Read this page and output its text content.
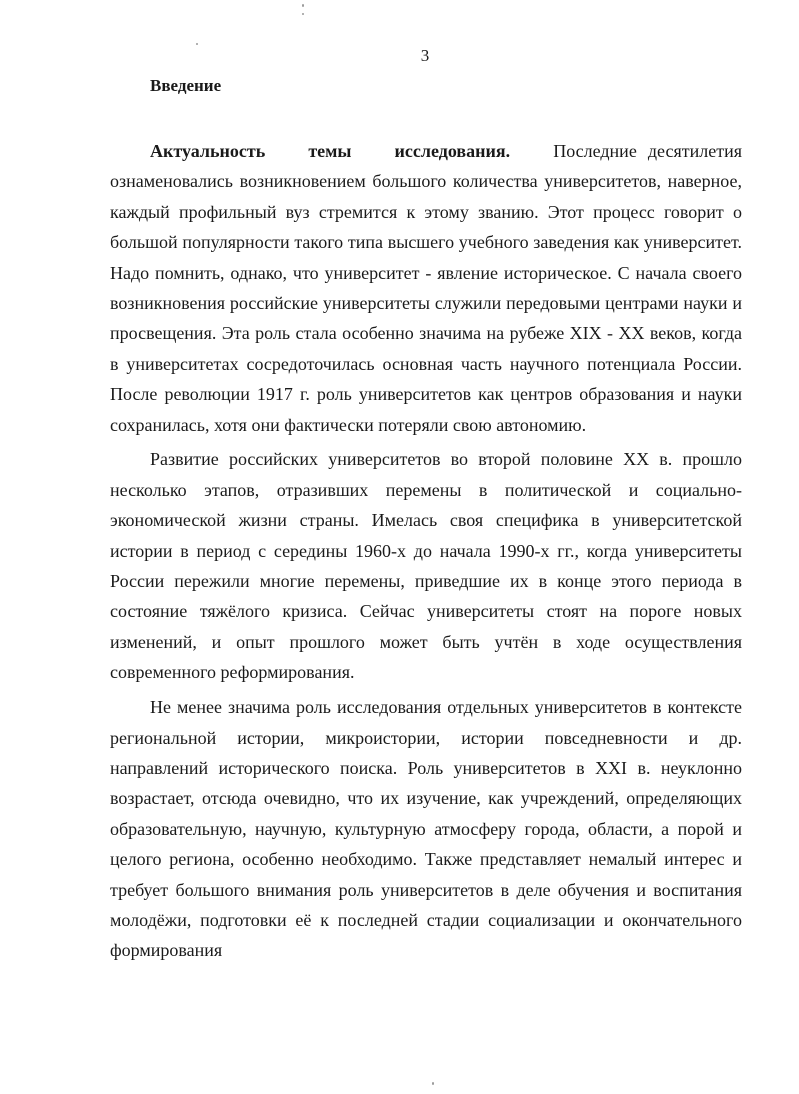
3
Введение

Актуальность темы исследования. Последние десятилетия ознаменовались возникновением большого количества университетов, наверное, каждый профильный вуз стремится к этому званию. Этот процесс говорит о большой популярности такого типа высшего учебного заведения как университет. Надо помнить, однако, что университет - явление историческое. С начала своего возникновения российские университеты служили передовыми центрами науки и просвещения. Эта роль стала особенно значима на рубеже XIX - XX веков, когда в университетах сосредоточилась основная часть научного потенциала России. После революции 1917 г. роль университетов как центров образования и науки сохранилась, хотя они фактически потеряли свою автономию.

Развитие российских университетов во второй половине XX в. прошло несколько этапов, отразивших перемены в политической и социально-экономической жизни страны. Имелась своя специфика в университетской истории в период с середины 1960-х до начала 1990-х гг., когда университеты России пережили многие перемены, приведшие их в конце этого периода в состояние тяжёлого кризиса. Сейчас университеты стоят на пороге новых изменений, и опыт прошлого может быть учтён в ходе осуществления современного реформирования.

Не менее значима роль исследования отдельных университетов в контексте региональной истории, микроистории, истории повседневности и др. направлений исторического поиска. Роль университетов в XXI в. неуклонно возрастает, отсюда очевидно, что их изучение, как учреждений, определяющих образовательную, научную, культурную атмосферу города, области, а порой и целого региона, особенно необходимо. Также представляет немалый интерес и требует большого внимания роль университетов в деле обучения и воспитания молодёжи, подготовки её к последней стадии социализации и окончательного формирования
